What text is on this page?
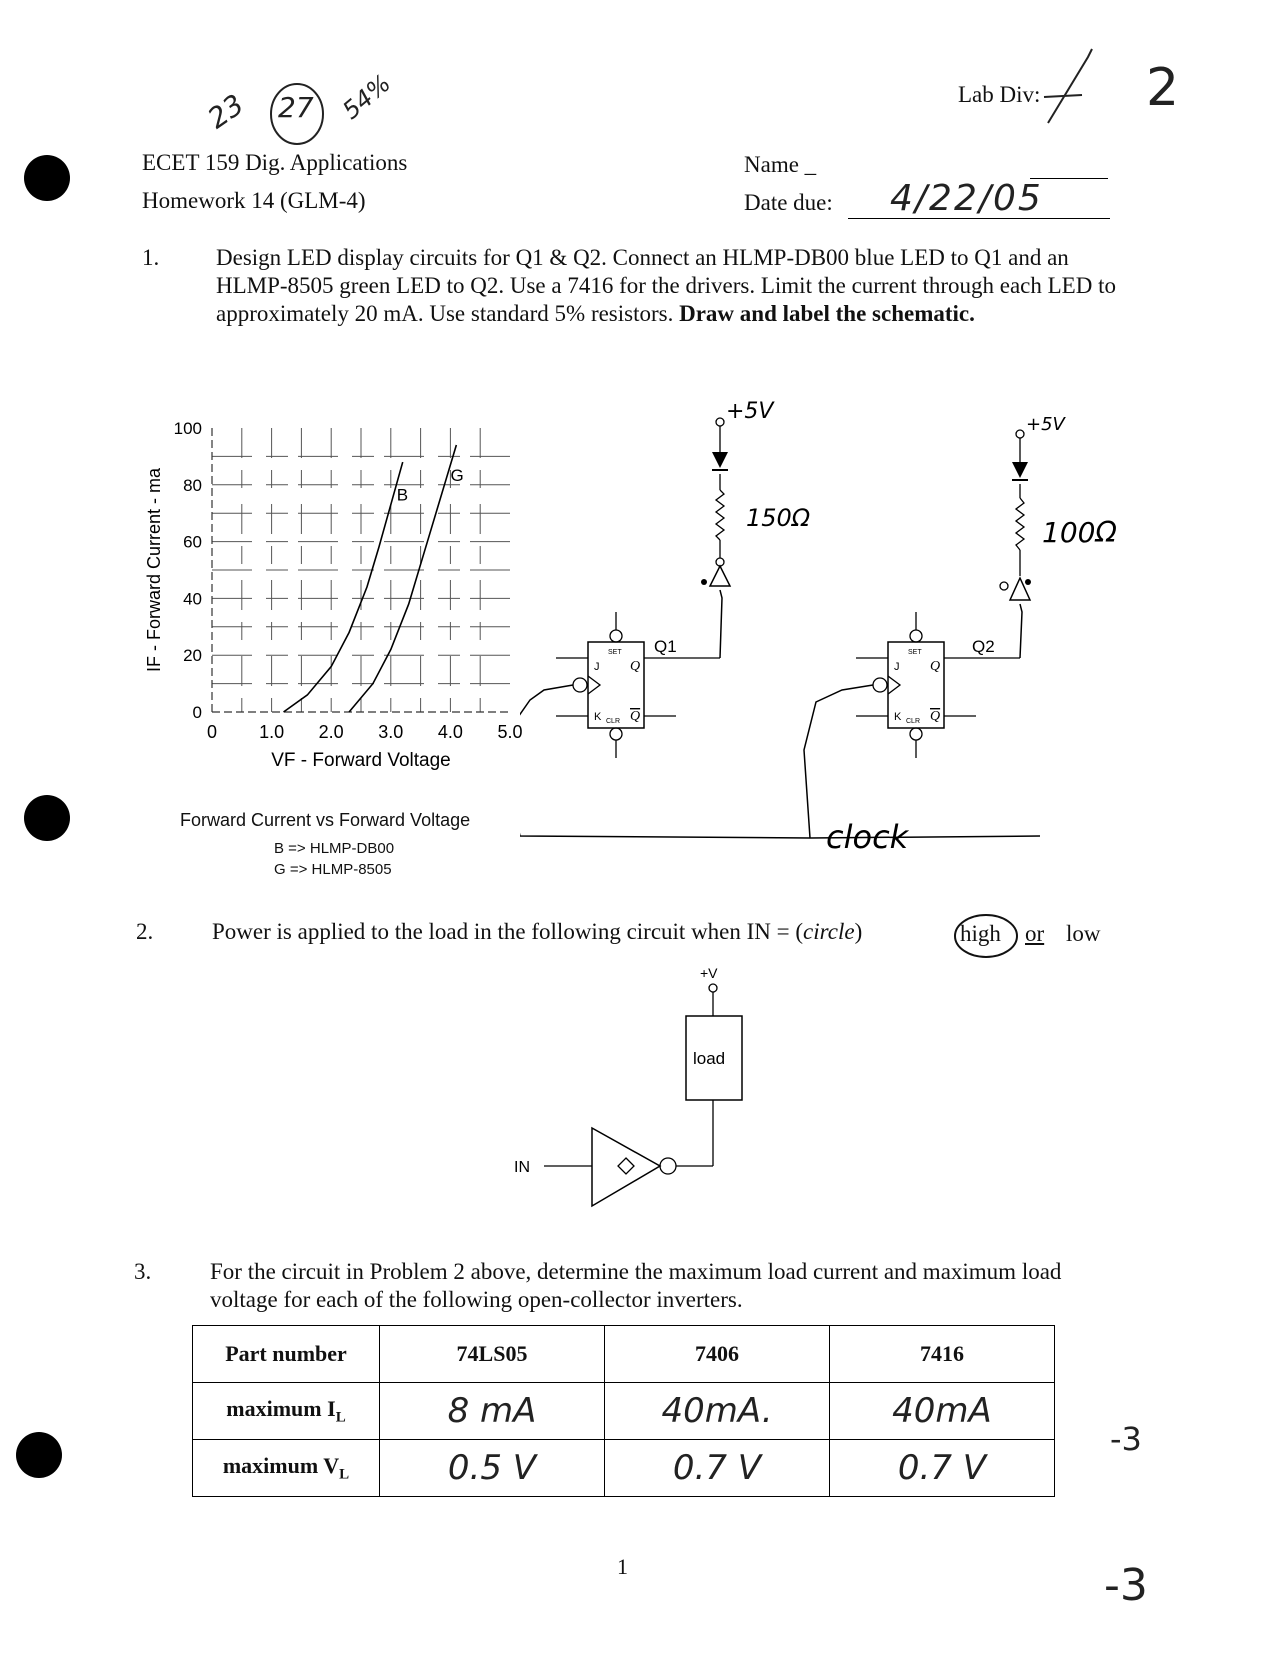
23 27 54%	Lab Div: 2
ECET 159 Dig. Applications
Homework 14 (GLM-4)
Name _
Date due: 4/22/05
1. Design LED display circuits for Q1 & Q2. Connect an HLMP-DB00 blue LED to Q1 and an HLMP-8505 green LED to Q2. Use a 7416 for the drivers. Limit the current through each LED to approximately 20 mA. Use standard 5% resistors. Draw and label the schematic.
0
20
40
60
80
100
0 1.0 2.0 3.0 4.0 5.0
VF - Forward Voltage
IF - Forward Current - ma	B
G
Forward Current vs Forward Voltage
B => HLMP-DB00
G => HLMP-8505
J
SET
Q
K CLR Q
J
SET
Q
K CLR Q
Q1	Q2
+5V
+5V
150Ω	100Ω
clock
2.	Power is applied to the load in the following circuit when IN = (circle)	high or low
+V
load
IN
3.	For the circuit in Problem 2 above, determine the maximum load current and maximum load voltage for each of the following open-collector inverters.
Part number	74LS05	7406	7416
maximum $I_L$	8 mA	40mA.	40mA
maximum $V_L$	0.5 V	0.7 V	0.7 V
-3
1	-3
